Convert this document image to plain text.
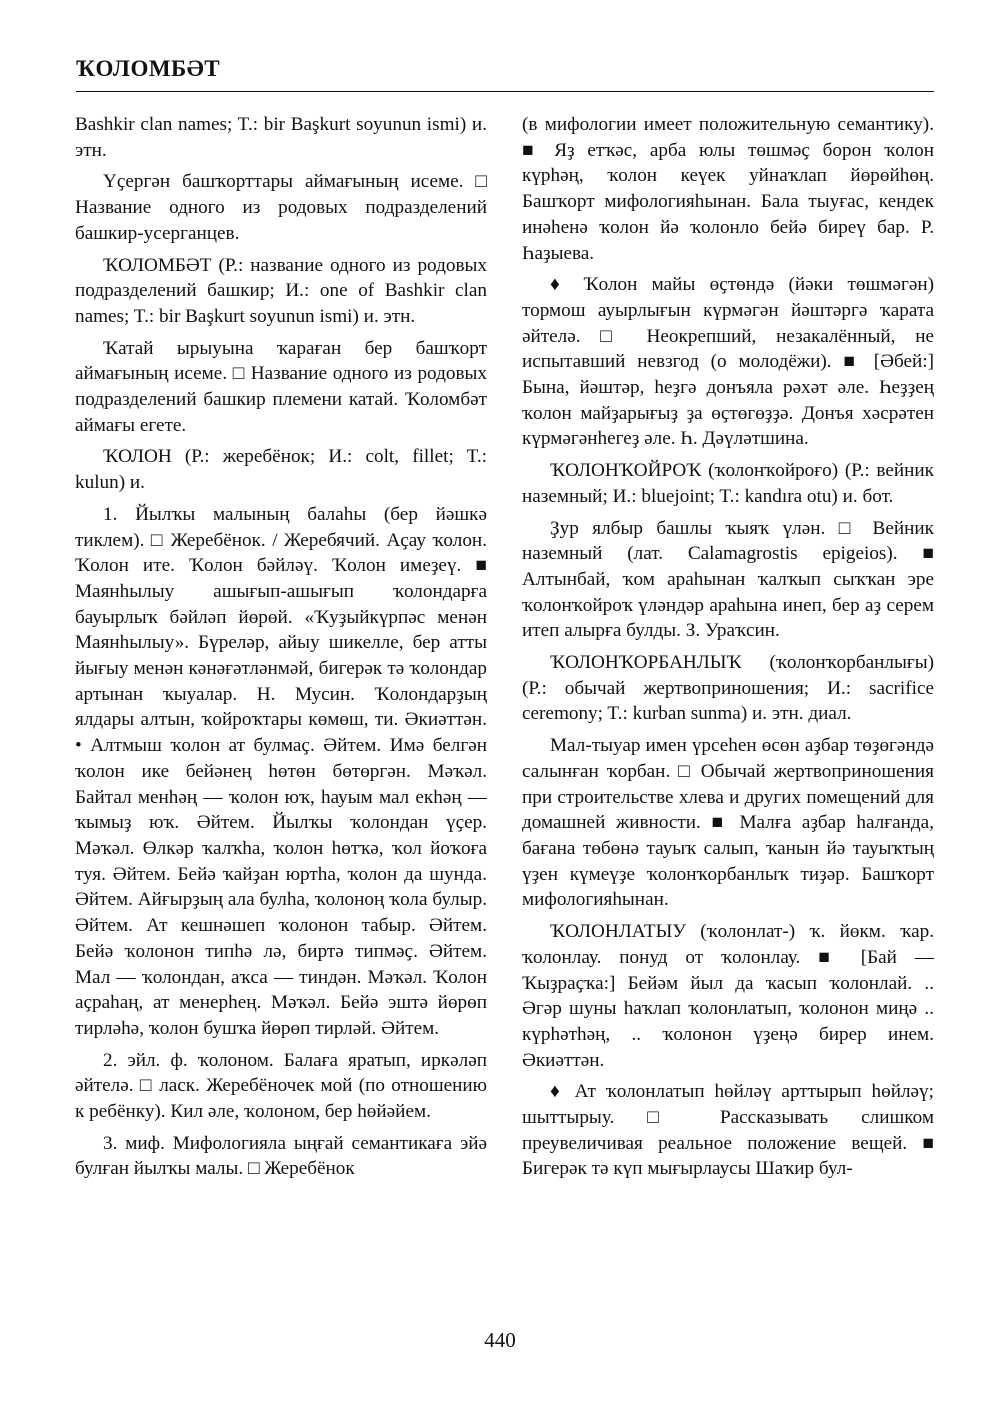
ҠОЛОМБӘТ

Bashkir clan names; T.: bir Başkurt soyunun ismi) и. этн.

Үҫергән башҡорттары аймағының исеме. □ Название одного из родовых подразделений башкир-усерганцев.

ҠОЛОМБӘТ (Р.: название одного из родовых подразделений башкир; И.: one of Bashkir clan names; T.: bir Başkurt soyunun ismi) и. этн.

Ҡатай ырыуына ҡараған бер башҡорт аймағының исеме. □ Название одного из родовых подразделений башкир племени катай. Ҡоломбәт аймағы егете.

ҠОЛОН (Р.: жеребёнок; И.: colt, fillet; T.: kulun) и.

1. Йылҡы малының балаһы (бер йәшкә тиклем). □ Жеребёнок. / Жеребячий. Аҫау ҡолон. Ҡолон ите. Ҡолон бәйләү. Ҡолон имеҙеү. ■ Маянһылыу ашығып-ашығып ҡолондарға бауырлыҡ бәйләп йөрөй. «Ҡуҙыйкүрпәс менән Маянһылыу». Бүреләр, айыу шикелле, бер атты йығыу менән кәнәғәтләнмәй, бигерәк тә ҡолондар артынан ҡыуалар. Н. Мусин. Ҡолондарҙың ялдары алтын, ҡойроҡтары көмөш, ти. Әкиәттән. • Алтмыш ҡолон ат булмаҫ. Әйтем. Имә белгән ҡолон ике бейәнең һөтөн бөтөргән. Мәҡәл. Байтал менһәң — ҡолон юҡ, һауым мал екһәң — ҡымыҙ юҡ. Әйтем. Йылҡы ҡолондан үҫер. Мәҡәл. Өлкәр ҡалҡһа, ҡолон һөтҡә, ҡол йоҡоға туя. Әйтем. Бейә ҡайҙан юртһа, ҡолон да шунда. Әйтем. Айғырҙың ала булһа, ҡолоноң ҡола булыр. Әйтем. Ат кешнәшеп ҡолонон табыр. Әйтем. Бейә ҡолонон типһә лә, биртә типмәҫ. Әйтем. Мал — ҡолондан, аҡса — тиндән. Мәҡәл. Ҡолон аҫраһаң, ат менерһең. Мәҡәл. Бейә эштә йөрөп тирләһә, ҡолон бушҡа йөрөп тирләй. Әйтем.

2. эйл. ф. ҡолоном. Балаға яратып, иркәләп әйтелә. □ ласк. Жеребёночек мой (по отношению к ребёнку). Кил әле, ҡолоном, бер һөйәйем.

3. миф. Мифологияла ыңғай семантикаға эйә булған йылҡы малы. □ Жеребёнок

(в мифологии имеет положительную семантику). ■ Яҙ етҡәс, арба юлы төшмәҫ борон ҡолон күрһәң, ҡолон кеүек уйнаҡлап йөрөйһөң. Башҡорт мифологияһынан. Бала тыуғас, кендек инәһенә ҡолон йә ҡолонло бейә биреү бар. Р. Һаҙыева.

♦ Ҡолон майы өҫтөндә (йәки төшмәгән) тормош ауырлығын күрмәгән йәштәргә ҡарата әйтелә. □ Неокрепший, незакалённый, не испытавший невзгод (о молодёжи). ■ [Әбей:] Бына, йәштәр, һеҙгә донъяла рәхәт әле. Һеҙҙең ҡолон майҙарығыҙ ҙа өҫтөгөҙҙә. Донъя хәсрәтен күрмәгәнһегеҙ әле. Һ. Дәүләтшина.

ҠОЛОНҠОЙРОҠ (ҡолонҡойроғо) (Р.: вейник наземный; И.: bluejoint; T.: kandıra otu) и. бот.

Ҙур ялбыр башлы ҡыяҡ үлән. □ Вейник наземный (лат. Calamagrostis epigeios). ■ Алтынбай, ҡом араһынан ҡалҡып сыҡҡан эре ҡолонҡойроҡ үләндәр араһына инеп, бер аҙ серем итеп алырға булды. З. Ураҡсин.

ҠОЛОНҠОРБАНЛЫҠ (ҡолонҡорбанлығы) (Р.: обычай жертвоприношения; И.: sacrifice ceremony; T.: kurban sunma) и. этн. диал.

Мал-тыуар имен үрсеһен өсөн аҙбар төҙөгәндә салынған ҡорбан. □ Обычай жертвоприношения при строительстве хлева и других помещений для домашней живности. ■ Малға аҙбар һалғанда, бағана төбөнә тауыҡ салып, ҡанын йә тауыҡтың үҙен күмеүҙе ҡолонҡорбанлыҡ тиҙәр. Башҡорт мифологияһынан.

ҠОЛОНЛАТЫУ (ҡолонлат-) ҡ. йөкм. ҡар. ҡолонлау. понуд от ҡолонлау. ■ [Бай — Ҡыҙраҫҡа:] Бейәм йыл да ҡасып ҡолонлай. .. Әгәр шуны һаҡлап ҡолонлатып, ҡолонон миңә .. күрһәтһәң, .. ҡолонон үҙеңә бирер инем. Әкиәттән.

♦ Ат ҡолонлатып һөйләү арттырып һөйләү; шыттырыу. □ Рассказывать слишком преувеличивая реальное положение вещей. ■ Бигерәк тә күп мығырлаусы Шаҡир бул-

440
